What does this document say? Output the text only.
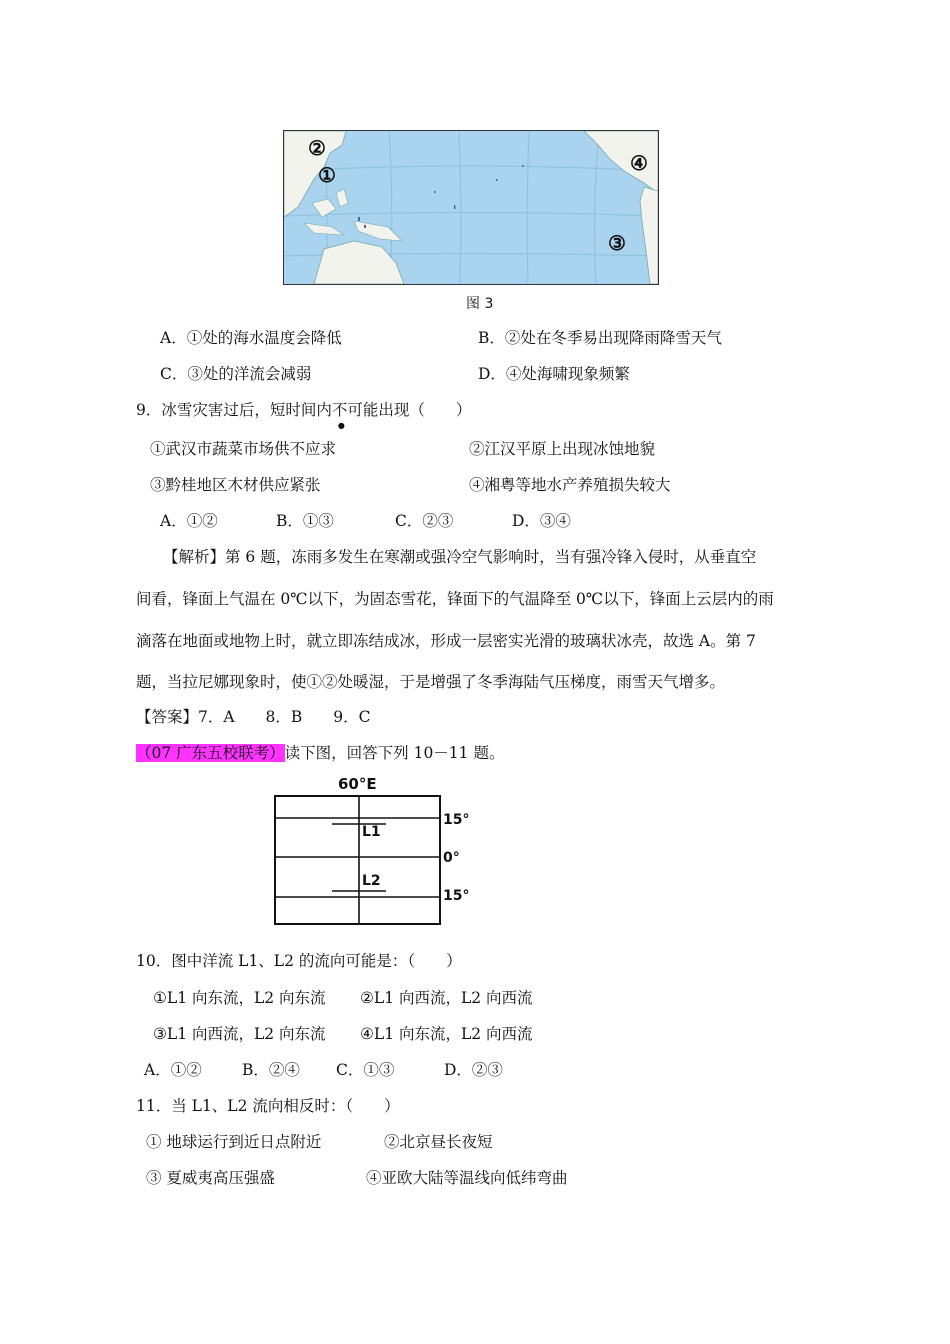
②
①	④
③
图 3
A．①处的海水温度会降低	B．②处在冬季易出现降雨降雪天气
C．③处的洋流会减弱	D．④处海啸现象频繁
9．冰雪灾害过后，短时间内不
●
可能出现（　　）
①武汉市蔬菜市场供不应求	②江汉平原上出现冰蚀地貌
③黔桂地区木材供应紧张	④湘粤等地水产养殖损失较大
A．①②	B．①③	C．②③	D．③④
【解析】第 6 题，冻雨多发生在寒潮或强冷空气影响时，当有强冷锋入侵时，从垂直空
间看，锋面上气温在 0℃以下，为固态雪花，锋面下的气温降至 0℃以下，锋面上云层内的雨
滴落在地面或地物上时，就立即冻结成冰，形成一层密实光滑的玻璃状冰壳，故选 A。第 7
题，当拉尼娜现象时，使①②处暖湿，于是增强了冬季海陆气压梯度，雨雪天气增多。
【答案】7．A　　8．B　　9．C
（07 广东五校联考）读下图，回答下列 10－11 题。
60°E
L1
L2
15°
0°
15°
10．图中洋流 L1、L2 的流向可能是：（　　）
①L1 向东流，L2 向东流 ②L1 向西流，L2 向西流
③L1 向西流，L2 向东流 ④L1 向东流，L2 向西流
A．①②	B．②④ C．①③	D．②③
11．当 L1、L2 流向相反时：（　　）
① 地球运行到近日点附近	②北京昼长夜短
③ 夏威夷高压强盛	④亚欧大陆等温线向低纬弯曲
